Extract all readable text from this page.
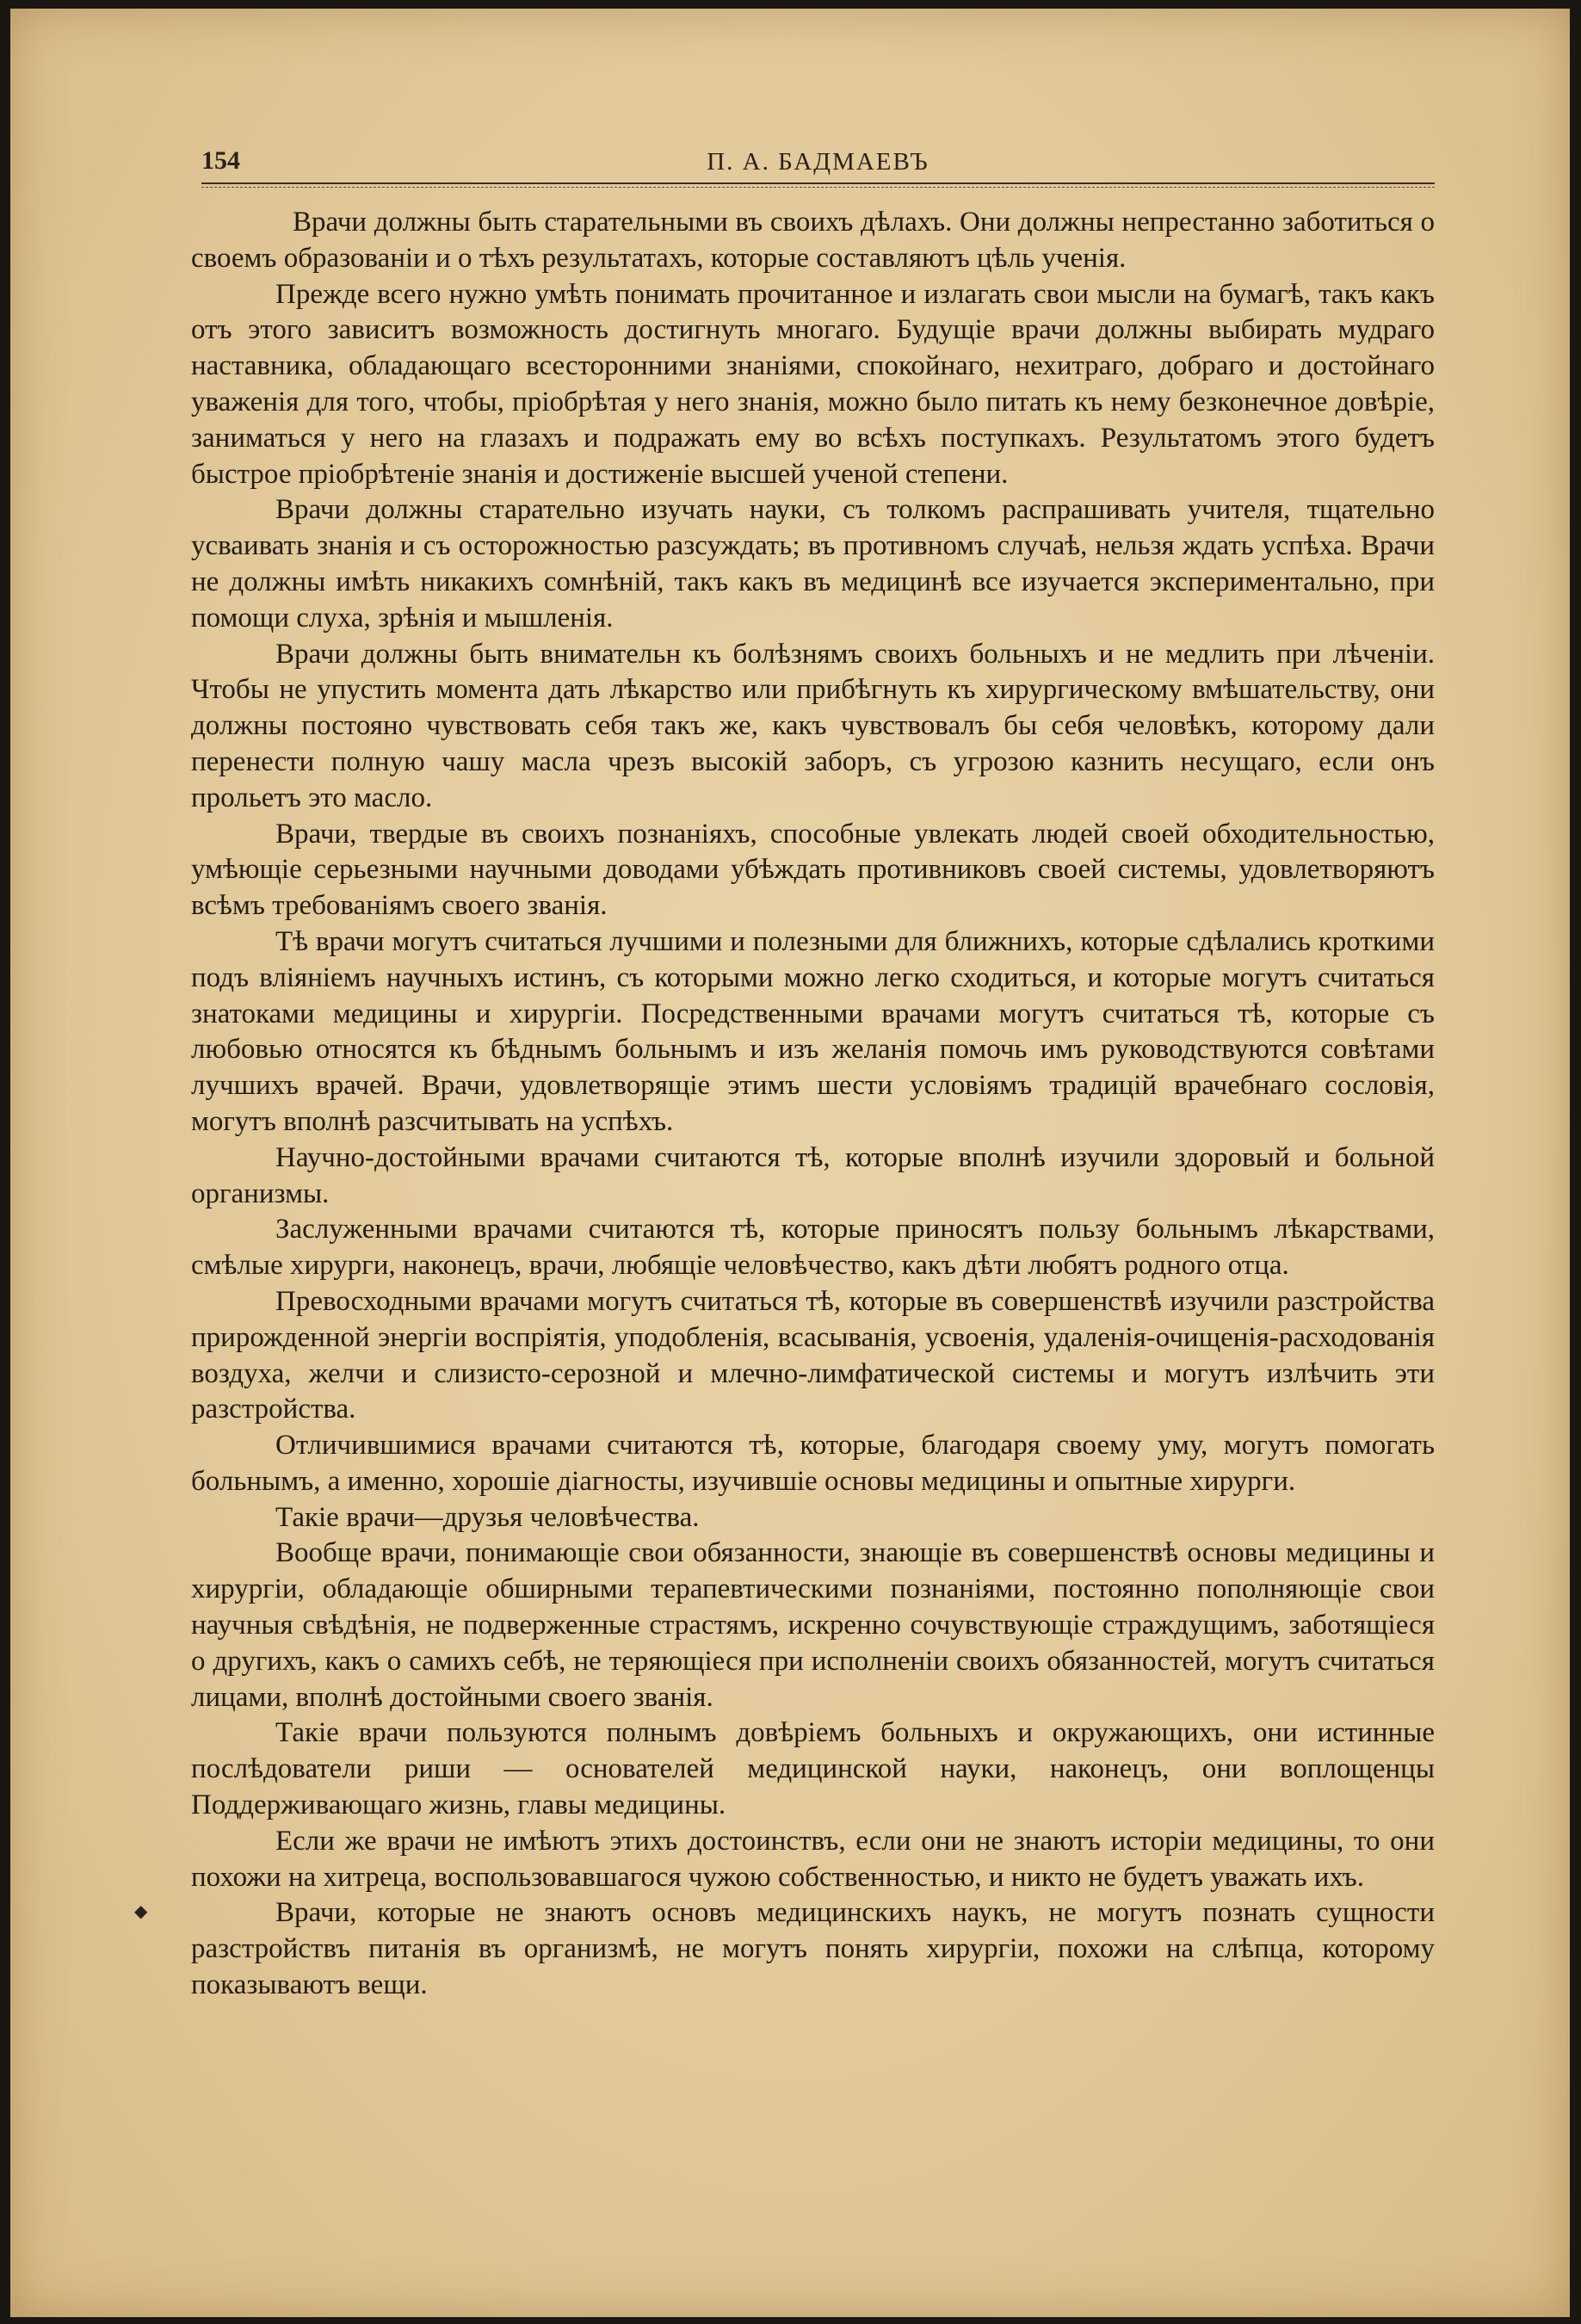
154	П. А. БАДМАЕВЪ

Врачи должны быть старательными въ своихъ дѣлахъ. Они должны непрестанно заботиться о своемъ образованіи и о тѣхъ результатахъ, которые составляютъ цѣль ученія.

Прежде всего нужно умѣть понимать прочитанное и излагать свои мысли на бумагѣ, такъ какъ отъ этого зависитъ возможность достигнуть многаго. Будущіе врачи должны выбирать мудраго наставника, обладающаго всесторонними знаніями, спокойнаго, нехитраго, добраго и достойнаго уваженія для того, чтобы, пріобрѣтая у него знанія, можно было питать къ нему безконечное довѣріе, заниматься у него на глазахъ и подражать ему во всѣхъ поступкахъ. Результатомъ этого будетъ быстрое пріобрѣтеніе знанія и достиженіе высшей ученой степени.

Врачи должны старательно изучать науки, съ толкомъ распрашивать учителя, тщательно усваивать знанія и съ осторожностью разсуждать; въ противномъ случаѣ, нельзя ждать успѣха. Врачи не должны имѣть никакихъ сомнѣній, такъ какъ въ медицинѣ все изучается экспериментально, при помощи слуха, зрѣнія и мышленія.

Врачи должны быть внимательн къ болѣзнямъ своихъ больныхъ и не медлить при лѣченіи. Чтобы не упустить момента дать лѣкарство или прибѣгнуть къ хирургическому вмѣшательству, они должны постояно чувствовать себя такъ же, какъ чувствовалъ бы себя человѣкъ, которому дали перенести полную чашу масла чрезъ высокій заборъ, съ угрозою казнить несущаго, если онъ прольетъ это масло.

Врачи, твердые въ своихъ познаніяхъ, способные увлекать людей своей обходительностью, умѣющіе серьезными научными доводами убѣждать противниковъ своей системы, удовлетворяютъ всѣмъ требованіямъ своего званія.

Тѣ врачи могутъ считаться лучшими и полезными для ближнихъ, которые сдѣлались кроткими подъ вліяніемъ научныхъ истинъ, съ которыми можно легко сходиться, и которые могутъ считаться знатоками медицины и хирургіи. Посредственными врачами могутъ считаться тѣ, которые съ любовью относятся къ бѣднымъ больнымъ и изъ желанія помочь имъ руководствуются совѣтами лучшихъ врачей. Врачи, удовлетворящіе этимъ шести условіямъ традицій врачебнаго сословія, могутъ вполнѣ разсчитывать на успѣхъ.

Научно-достойными врачами считаются тѣ, которые вполнѣ изучили здоровый и больной организмы.

Заслуженными врачами считаются тѣ, которые приносятъ пользу больнымъ лѣкарствами, смѣлые хирурги, наконецъ, врачи, любящіе человѣчество, какъ дѣти любятъ родного отца.

Превосходными врачами могутъ считаться тѣ, которые въ совершенствѣ изучили разстройства прирожденной энергіи воспріятія, уподобленія, всасыванія, усвоенія, удаленія-очищенія-расходованія воздуха, желчи и слизисто-серозной и млечно-лимфатической системы и могутъ излѣчить эти разстройства.

Отличившимися врачами считаются тѣ, которые, благодаря своему уму, могутъ помогать больнымъ, а именно, хорошіе діагносты, изучившіе основы медицины и опытные хирурги.

Такіе врачи—друзья человѣчества.

Вообще врачи, понимающіе свои обязанности, знающіе въ совершенствѣ основы медицины и хирургіи, обладающіе обширными терапевтическими познаніями, постоянно пополняющіе свои научныя свѣдѣнія, не подверженные страстямъ, искренно сочувствующіе страждущимъ, заботящіеся о другихъ, какъ о самихъ себѣ, не теряющіеся при исполненіи своихъ обязанностей, могутъ считаться лицами, вполнѣ достойными своего званія.

Такіе врачи пользуются полнымъ довѣріемъ больныхъ и окружающихъ, они истинные послѣдователи риши — основателей медицинской науки, наконецъ, они воплощенцы Поддерживающаго жизнь, главы медицины.

Если же врачи не имѣютъ этихъ достоинствъ, если они не знаютъ исторіи медицины, то они похожи на хитреца, воспользовавшагося чужою собственностью, и никто не будетъ уважать ихъ.

Врачи, которые не знаютъ основъ медицинскихъ наукъ, не могутъ познать сущности разстройствъ питанія въ организмѣ, не могутъ понять хирургіи, похожи на слѣпца, которому показываютъ вещи.

◆
